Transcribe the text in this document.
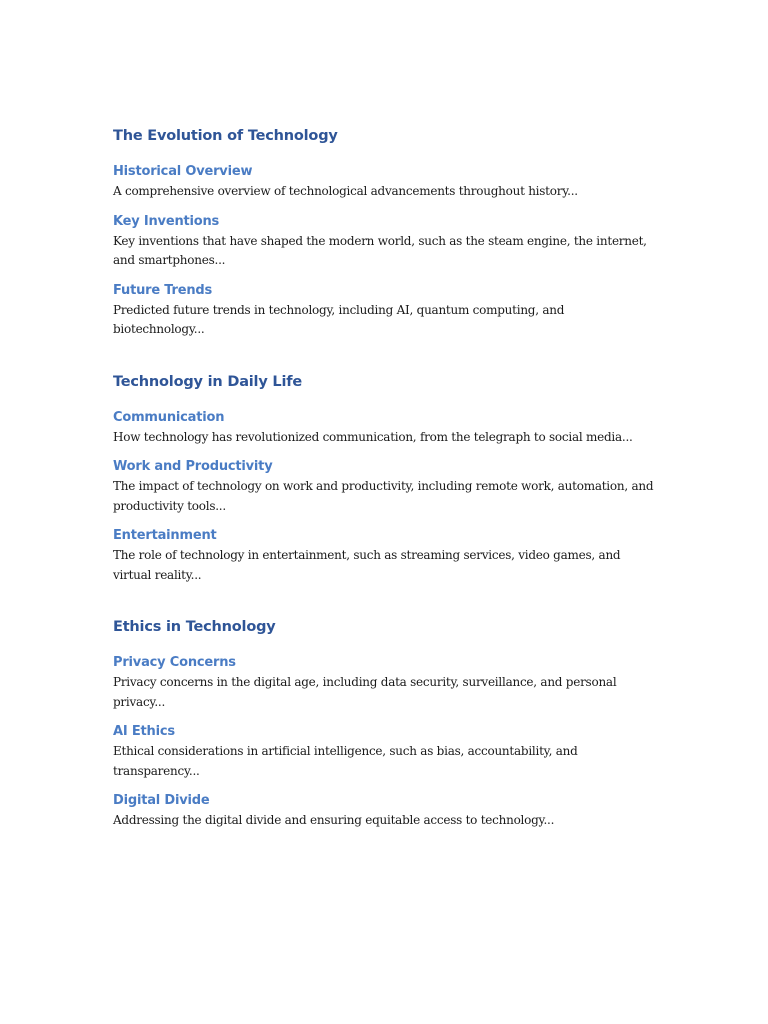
The Evolution of Technology
Historical Overview

A comprehensive overview of technological advancements throughout history...

Key Inventions

Key inventions that have shaped the modern world, such as the steam engine, the internet, and smartphones...

Future Trends

Predicted future trends in technology, including AI, quantum computing, and biotechnology...

Technology in Daily Life
Communication

How technology has revolutionized communication, from the telegraph to social media...

Work and Productivity

The impact of technology on work and productivity, including remote work, automation, and productivity tools...

Entertainment

The role of technology in entertainment, such as streaming services, video games, and virtual reality...

Ethics in Technology
Privacy Concerns

Privacy concerns in the digital age, including data security, surveillance, and personal privacy...

AI Ethics

Ethical considerations in artificial intelligence, such as bias, accountability, and transparency...

Digital Divide

Addressing the digital divide and ensuring equitable access to technology...
